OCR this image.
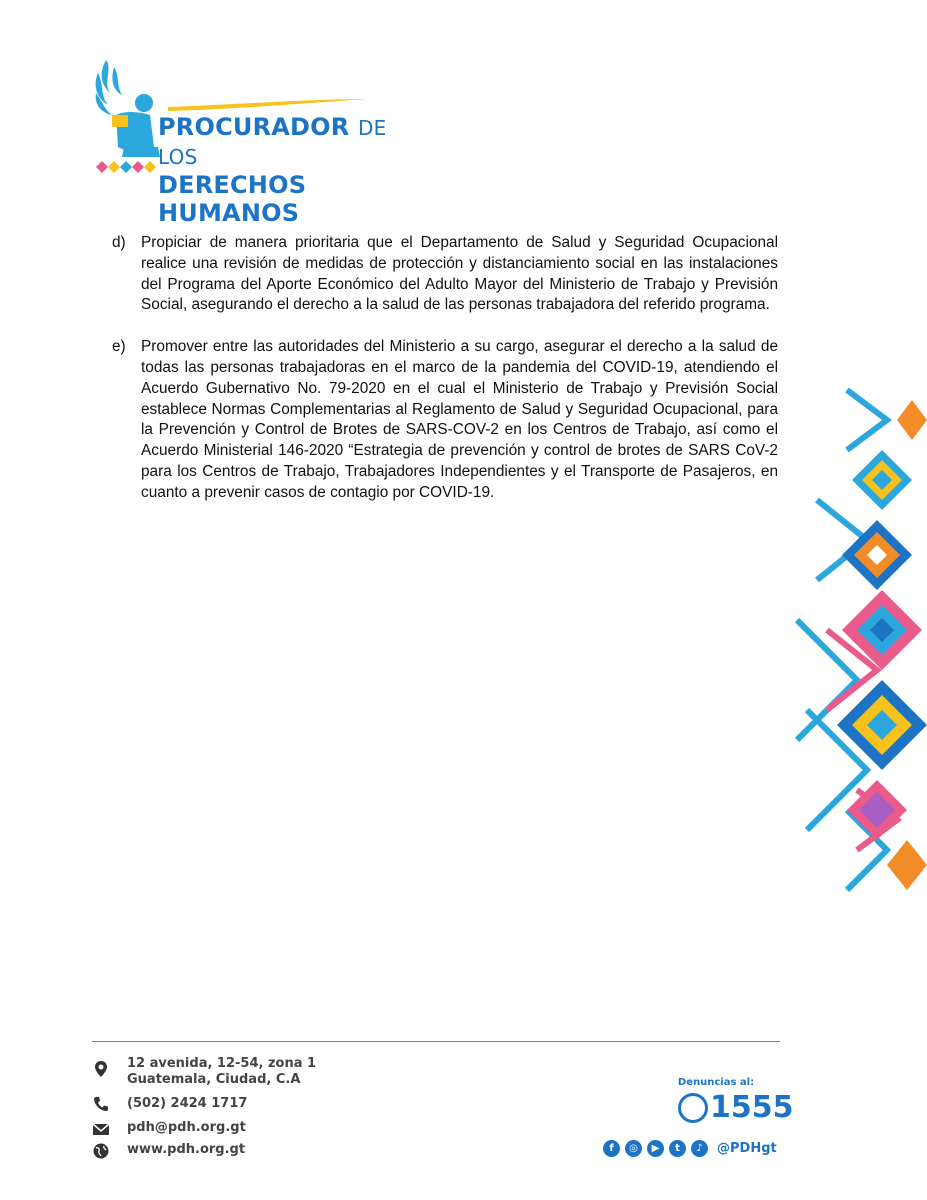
PROCURADOR DE LOS
DERECHOS HUMANOS
d) Propiciar de manera prioritaria que el Departamento de Salud y Seguridad Ocupacional realice una revisión de medidas de protección y distanciamiento social en las instalaciones del Programa del Aporte Económico del Adulto Mayor del Ministerio de Trabajo y Previsión Social, asegurando el derecho a la salud de las personas trabajadora del referido programa.
e) Promover entre las autoridades del Ministerio a su cargo, asegurar el derecho a la salud de todas las personas trabajadoras en el marco de la pandemia del COVID-19, atendiendo el Acuerdo Gubernativo No. 79-2020 en el cual el Ministerio de Trabajo y Previsión Social establece Normas Complementarias al Reglamento de Salud y Seguridad Ocupacional, para la Prevención y Control de Brotes de SARS-COV-2 en los Centros de Trabajo, así como el Acuerdo Ministerial 146-2020 “Estrategia de prevención y control de brotes de SARS CoV-2 para los Centros de Trabajo, Trabajadores Independientes y el Transporte de Pasajeros, en cuanto a prevenir casos de contagio por COVID-19.
12 avenida, 12-54, zona 1
Guatemala, Ciudad, C.A
(502) 2424 1717
pdh@pdh.org.gt
www.pdh.org.gt
Denuncias al:
1555
f	◎	▶	t	♪	@PDHgt
